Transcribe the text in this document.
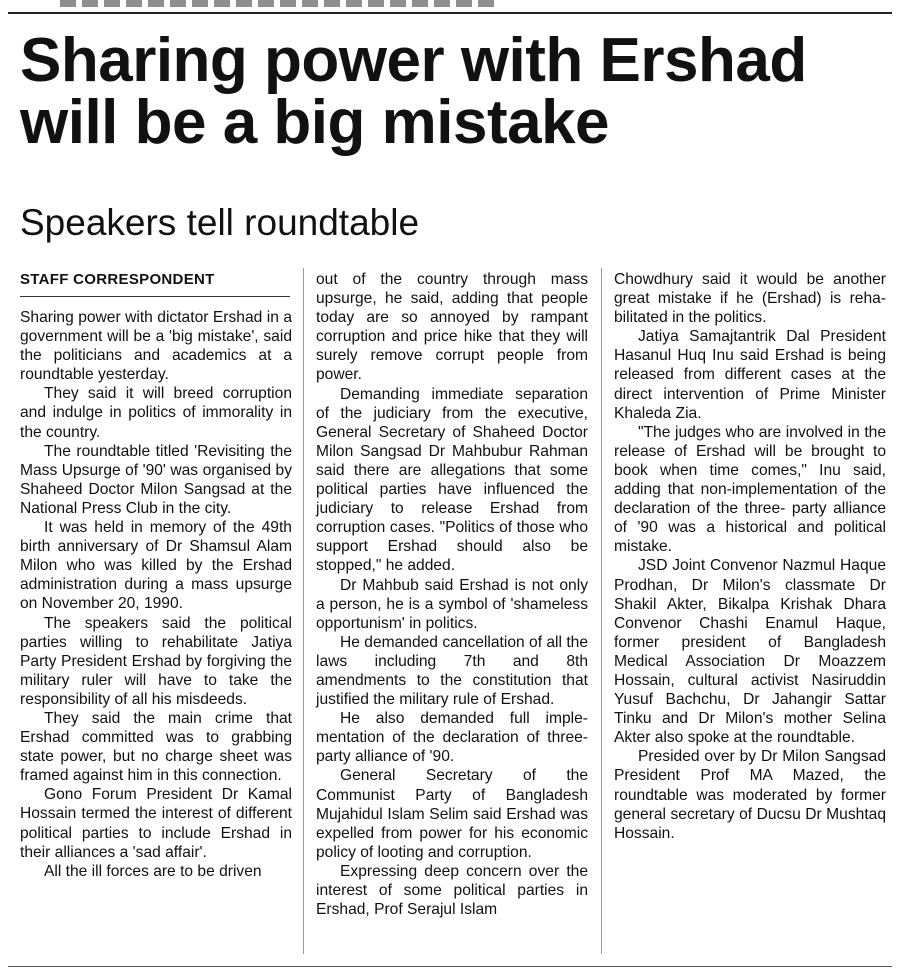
Sharing power with Ershad will be a big mistake
Speakers tell roundtable
STAFF CORRESPONDENT

Sharing power with dictator Ershad in a government will be a 'big mistake', said the politicians and academics at a roundtable yesterday.

They said it will breed corruption and indulge in politics of immorality in the country.

The roundtable titled 'Revisiting the Mass Upsurge of '90' was organised by Shaheed Doctor Milon Sangsad at the National Press Club in the city.

It was held in memory of the 49th birth anniversary of Dr Shamsul Alam Milon who was killed by the Ershad administration during a mass upsurge on November 20, 1990.

The speakers said the political parties willing to rehabilitate Jatiya Party President Ershad by forgiving the military ruler will have to take the responsibility of all his misdeeds.

They said the main crime that Ershad committed was to grabbing state power, but no charge sheet was framed against him in this connection.

Gono Forum President Dr Kamal Hossain termed the interest of different political parties to include Ershad in their alliances a 'sad affair'.

All the ill forces are to be driven

out of the country through mass upsurge, he said, adding that people today are so annoyed by rampant corruption and price hike that they will surely remove corrupt people from power.

Demanding immediate separation of the judiciary from the executive, General Secretary of Shaheed Doctor Milon Sangsad Dr Mahbubur Rahman said there are allegations that some political parties have influenced the judiciary to release Ershad from corruption cases. "Politics of those who support Ershad should also be stopped," he added.

Dr Mahbub said Ershad is not only a person, he is a symbol of 'shameless opportunism' in politics.

He demanded cancellation of all the laws including 7th and 8th amendments to the constitution that justified the military rule of Ershad.

He also demanded full implementation of the declaration of three-party alliance of '90.

General Secretary of the Communist Party of Bangladesh Mujahidul Islam Selim said Ershad was expelled from power for his economic policy of looting and corruption.

Expressing deep concern over the interest of some political parties in Ershad, Prof Serajul Islam

Chowdhury said it would be another great mistake if he (Ershad) is rehabilitated in the politics.

Jatiya Samajtantrik Dal President Hasanul Huq Inu said Ershad is being released from different cases at the direct intervention of Prime Minister Khaleda Zia.

"The judges who are involved in the release of Ershad will be brought to book when time comes," Inu said, adding that non-implementation of the declaration of the three- party alliance of '90 was a historical and political mistake.

JSD Joint Convenor Nazmul Haque Prodhan, Dr Milon's classmate Dr Shakil Akter, Bikalpa Krishak Dhara Convenor Chashi Enamul Haque, former president of Bangladesh Medical Association Dr Moazzem Hossain, cultural activist Nasiruddin Yusuf Bachchu, Dr Jahangir Sattar Tinku and Dr Milon's mother Selina Akter also spoke at the roundtable.

Presided over by Dr Milon Sangsad President Prof MA Mazed, the roundtable was moderated by former general secretary of Ducsu Dr Mushtaq Hossain.
